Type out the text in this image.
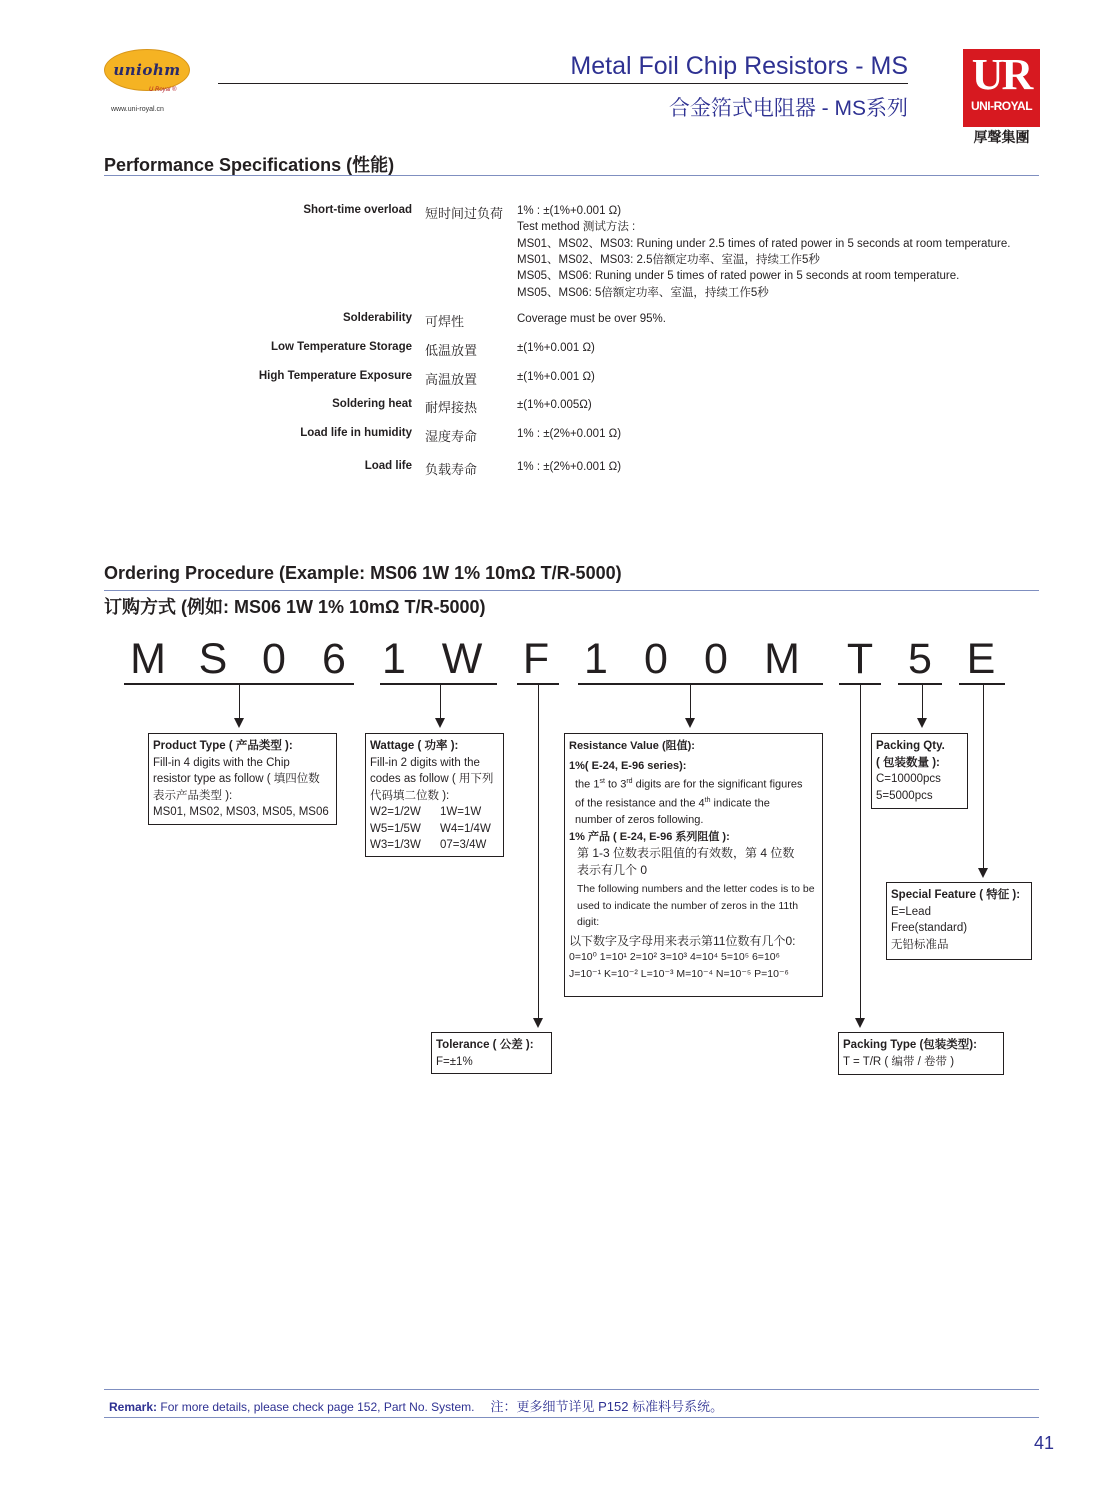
uniohm
U Royal ®
www.uni-royal.cn
Metal Foil Chip Resistors - MS
合金箔式电阻器 - MS系列
UR
UNI-ROYAL
厚聲集團
Performance Specifications (性能)
Short-time overload 短时间过负荷 1% : ±(1%+0.001 Ω)
Test method 测试方法 :
MS01、MS02、MS03: Runing under 2.5 times of rated power in 5 seconds at room temperature.
MS01、MS02、MS03: 2.5倍额定功率、室温，持续工作5秒
MS05、MS06: Runing under 5 times of rated power in 5 seconds at room temperature.
MS05、MS06: 5倍额定功率、室温，持续工作5秒
Solderability 可焊性	Coverage must be over 95%.
Low Temperature Storage 低温放置	±(1%+0.001 Ω)
High Temperature Exposure 高温放置	±(1%+0.001 Ω)
Soldering heat 耐焊接热	±(1%+0.005Ω)
Load life in humidity 湿度寿命	1% : ±(2%+0.001 Ω)
Load life 负载寿命	1% : ±(2%+0.001 Ω)
Ordering Procedure (Example: MS06 1W 1% 10mΩ T/R-5000)
订购方式 (例如: MS06 1W 1% 10mΩ T/R-5000)
M S 0 6 1 W F 1 0 0 M T 5 E
Product Type ( 产品类型 ):
Fill-in 4 digits with the Chip
resistor type as follow ( 填四位数
表示产品类型 ):
MS01, MS02, MS03, MS05, MS06
Wattage ( 功率 ):
Fill-in 2 digits with the
codes as follow ( 用下列
代码填二位数 ):
W2=1/2W	1W=1W
W5=1/5W	W4=1/4W
W3=1/3W	07=3/4W
Resistance Value (阻值):
1%( E-24, E-96 series):
the 1st to 3rd digits are for the significant figures
of the resistance and the 4th indicate the
number of zeros following.
1% 产品 ( E-24, E-96 系列阻值 ):
第 1-3 位数表示阻值的有效数，第 4 位数
表示有几个 0
The following numbers and the letter codes is to be
used to indicate the number of zeros in the 11th
digit:
以下数字及字母用来表示第11位数有几个0:
0=10⁰ 1=10¹ 2=10² 3=10³ 4=10⁴ 5=10⁵ 6=10⁶
J=10⁻¹ K=10⁻² L=10⁻³ M=10⁻⁴ N=10⁻⁵ P=10⁻⁶
Packing Qty.
( 包装数量 ):
C=10000pcs
5=5000pcs
Special Feature ( 特征 ):
E=Lead
Free(standard)
无铅标准品
Tolerance ( 公差 ):
F=±1%
Packing Type (包装类型):
T = T/R ( 编带 / 卷带 )
Remark: For more details, please check page 152, Part No. System. 注：更多细节详见 P152 标准料号系统。
41
